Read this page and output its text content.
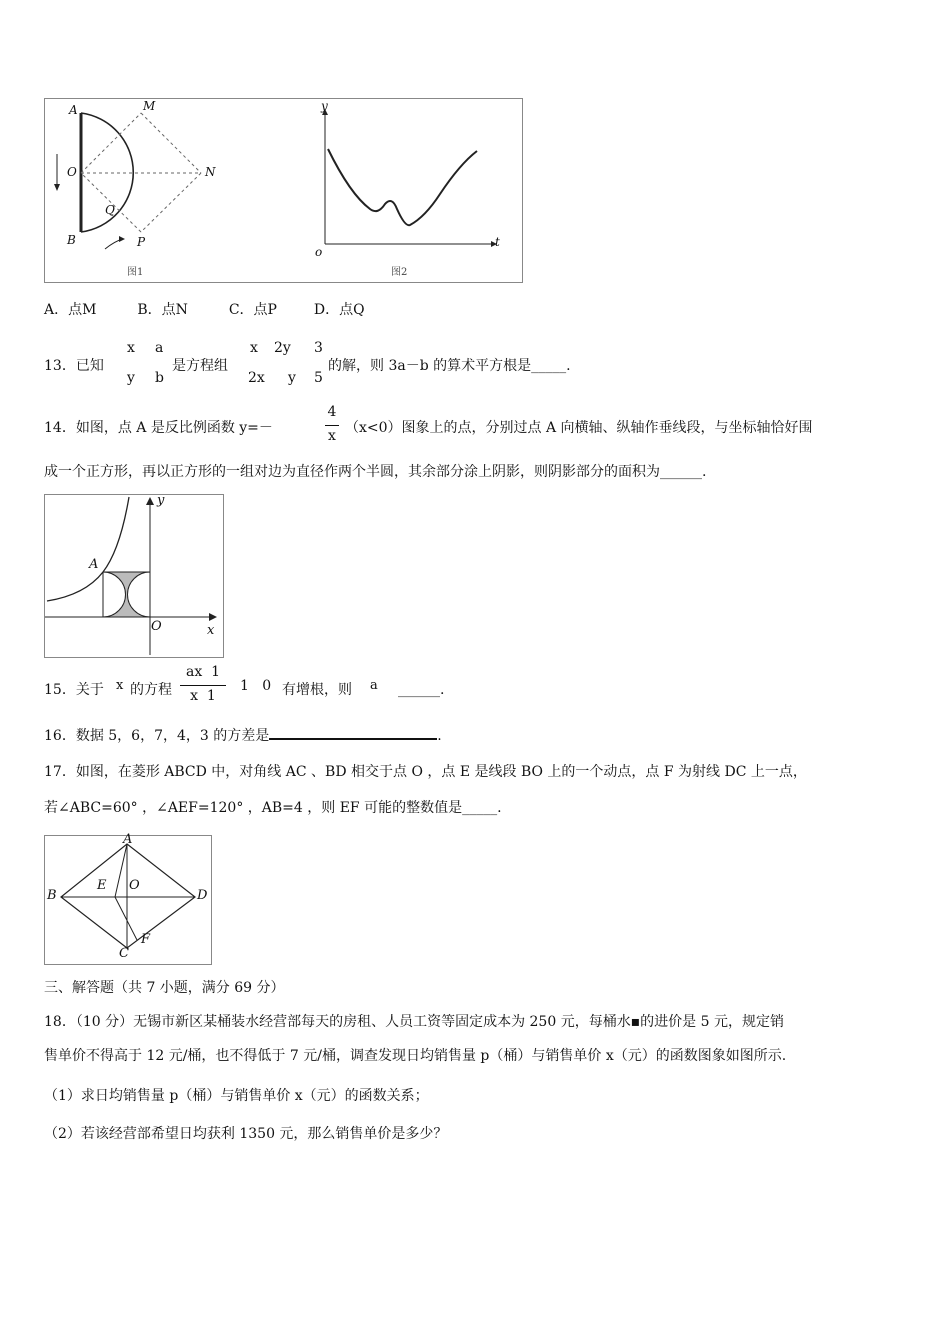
A	M
O	N
Q
B	P
y
o
t
图1	图2
A．点M	B．点N	C．点P	D．点Q
13．已知
x a
y b
是方程组
x 2y 3
2x y 5
的解，则 3a－b 的算术平方根是_____.
14．如图，点 A 是反比例函数 y=－
4
x （x<0）图象上的点，分别过点 A 向横轴、纵轴作垂线段，与坐标轴恰好围
成一个正方形，再以正方形的一组对边为直径作两个半圆，其余部分涂上阴影，则阴影部分的面积为______.
y
A
O	x
15．关于 x 的方程
ax  1
x  1
1   0 有增根，则 a ______.
16．数据 5，6，7，4，3 的方差是	.
17．如图，在菱形 ABCD 中，对角线 AC 、BD 相交于点 O ，点 E 是线段 BO 上的一个动点，点 F 为射线 DC 上一点，
若∠ABC=60° ，∠AEF=120° ，AB=4 ，则 EF 可能的整数值是_____.
A
B
E O
D
C
F
三、解答题（共 7 小题，满分 69 分）
18．（10 分）无锡市新区某桶装水经营部每天的房租、人员工资等固定成本为 250 元，每桶水▪的进价是 5 元，规定销
售单价不得高于 12 元/桶，也不得低于 7 元/桶，调查发现日均销售量 p（桶）与销售单价 x（元）的函数图象如图所示.
（1）求日均销售量 p（桶）与销售单价 x（元）的函数关系；
（2）若该经营部希望日均获利 1350 元，那么销售单价是多少？
